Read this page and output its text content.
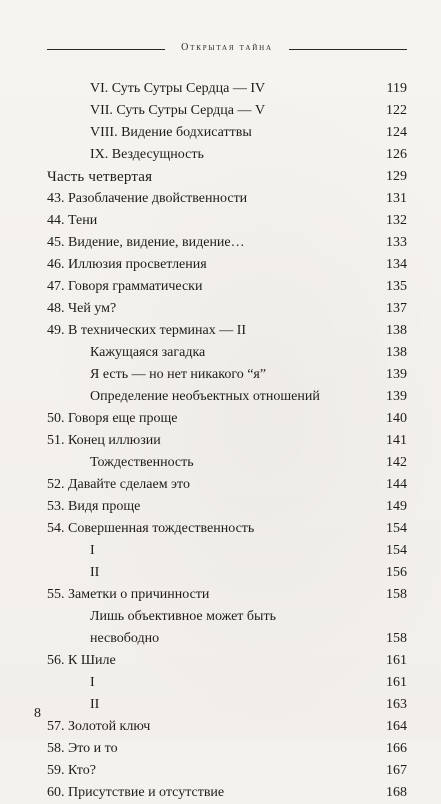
Открытая тайна
VI. Суть Сутры Сердца — IV	119
VII. Суть Сутры Сердца — V	122
VIII. Видение бодхисаттвы	124
IX. Вездесущность	126
Часть четвертая	129
43. Разоблачение двойственности	131
44. Тени	132
45. Видение, видение, видение…	133
46. Иллюзия просветления	134
47. Говоря грамматически	135
48. Чей ум?	137
49. В технических терминах — II	138
Кажущаяся загадка	138
Я есть — но нет никакого “я”	139
Определение необъектных отношений	139
50. Говоря еще проще	140
51. Конец иллюзии	141
Тождественность	142
52. Давайте сделаем это	144
53. Видя проще	149
54. Совершенная тождественность	154
I	154
II	156
55. Заметки о причинности	158
Лишь объективное может быть
несвободно	158
56. К Шиле	161
I	161
II	163
57. Золотой ключ	164
58. Это и то	166
59. Кто?	167
60. Присутствие и отсутствие	168
8
